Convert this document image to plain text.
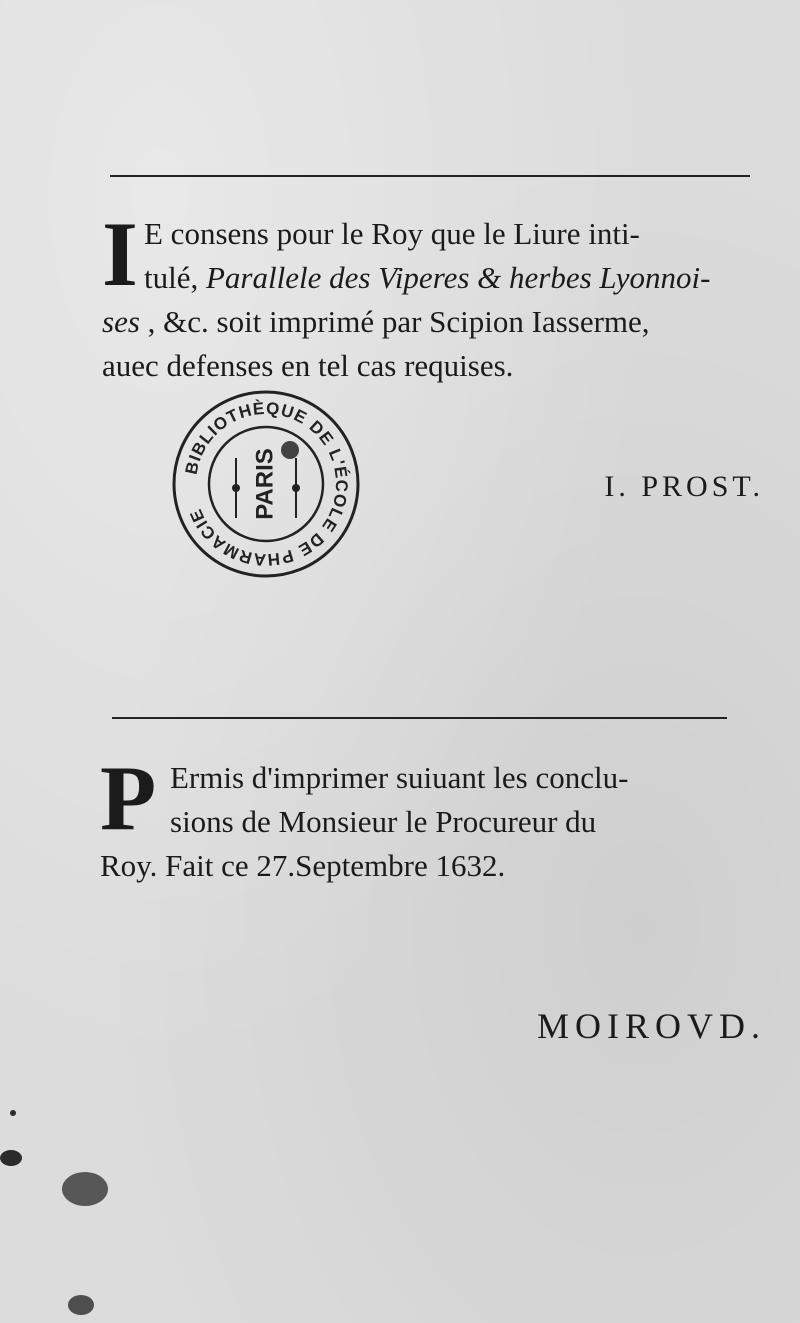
I E consens pour le Roy que le Liure inti-
tulé, Parallele des Viperes & herbes Lyonnoi-
ses , &c. soit imprimé par Scipion Iasserme,
auec defenses en tel cas requises.
BIBLIOTHÈQUE DE L'ÉCOLE DE PHARMACIE	PARIS	I. PROST.
P Ermis d'imprimer suiuant les conclu-
sions de Monsieur le Procureur du
Roy. Fait ce 27.Septembre 1632.
MOIROVD.
